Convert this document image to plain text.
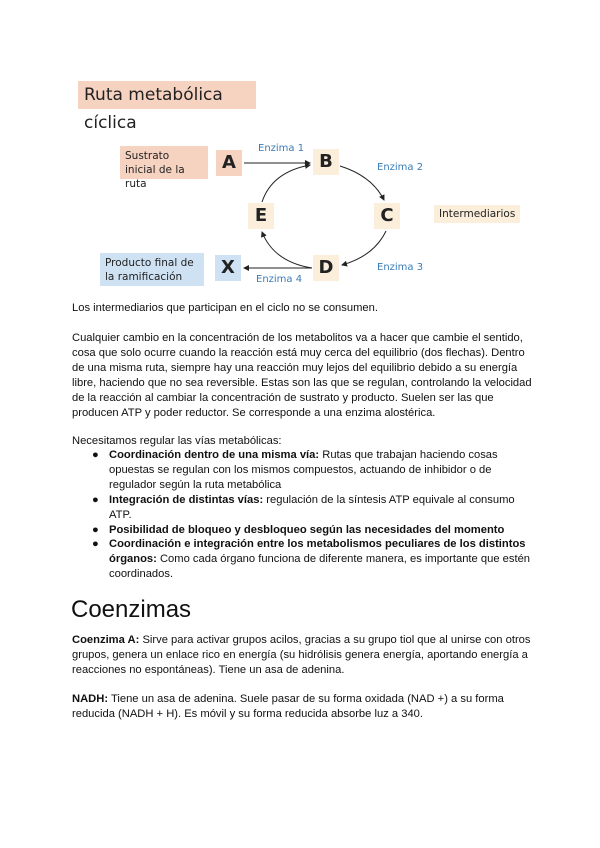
Ruta metabólica cíclica
Sustrato inicial de la ruta
Producto final de la ramificación
Intermediarios
A	B
C
D
E
X
Enzima 1
Enzima 2
Enzima 3
Enzima 4

Los intermediarios que participan en el ciclo no se consumen.

Cualquier cambio en la concentración de los metabolitos va a hacer que cambie el sentido, cosa que solo ocurre cuando la reacción está muy cerca del equilibrio (dos flechas). Dentro de una misma ruta, siempre hay una reacción muy lejos del equilibrio debido a su energía libre, haciendo que no sea reversible. Estas son las que se regulan, controlando la velocidad de la reacción al cambiar la concentración de sustrato y producto. Suelen ser las que producen ATP y poder reductor. Se corresponde a una enzima alostérica.

Necesitamos regular las vías metabólicas:

● Coordinación dentro de una misma vía: Rutas que trabajan haciendo cosas opuestas se regulan con los mismos compuestos, actuando de inhibidor o de regulador según la ruta metabólica
● Integración de distintas vías: regulación de la síntesis ATP equivale al consumo ATP.
● Posibilidad de bloqueo y desbloqueo según las necesidades del momento
● Coordinación e integración entre los metabolismos peculiares de los distintos órganos: Como cada órgano funciona de diferente manera, es importante que estén coordinados.
Coenzimas

Coenzima A: Sirve para activar grupos acilos, gracias a su grupo tiol que al unirse con otros grupos, genera un enlace rico en energía (su hidrólisis genera energía, aportando energía a reacciones no espontáneas). Tiene un asa de adenina.

NADH: Tiene un asa de adenina. Suele pasar de su forma oxidada (NAD +) a su forma reducida (NADH + H). Es móvil y su forma reducida absorbe luz a 340.
